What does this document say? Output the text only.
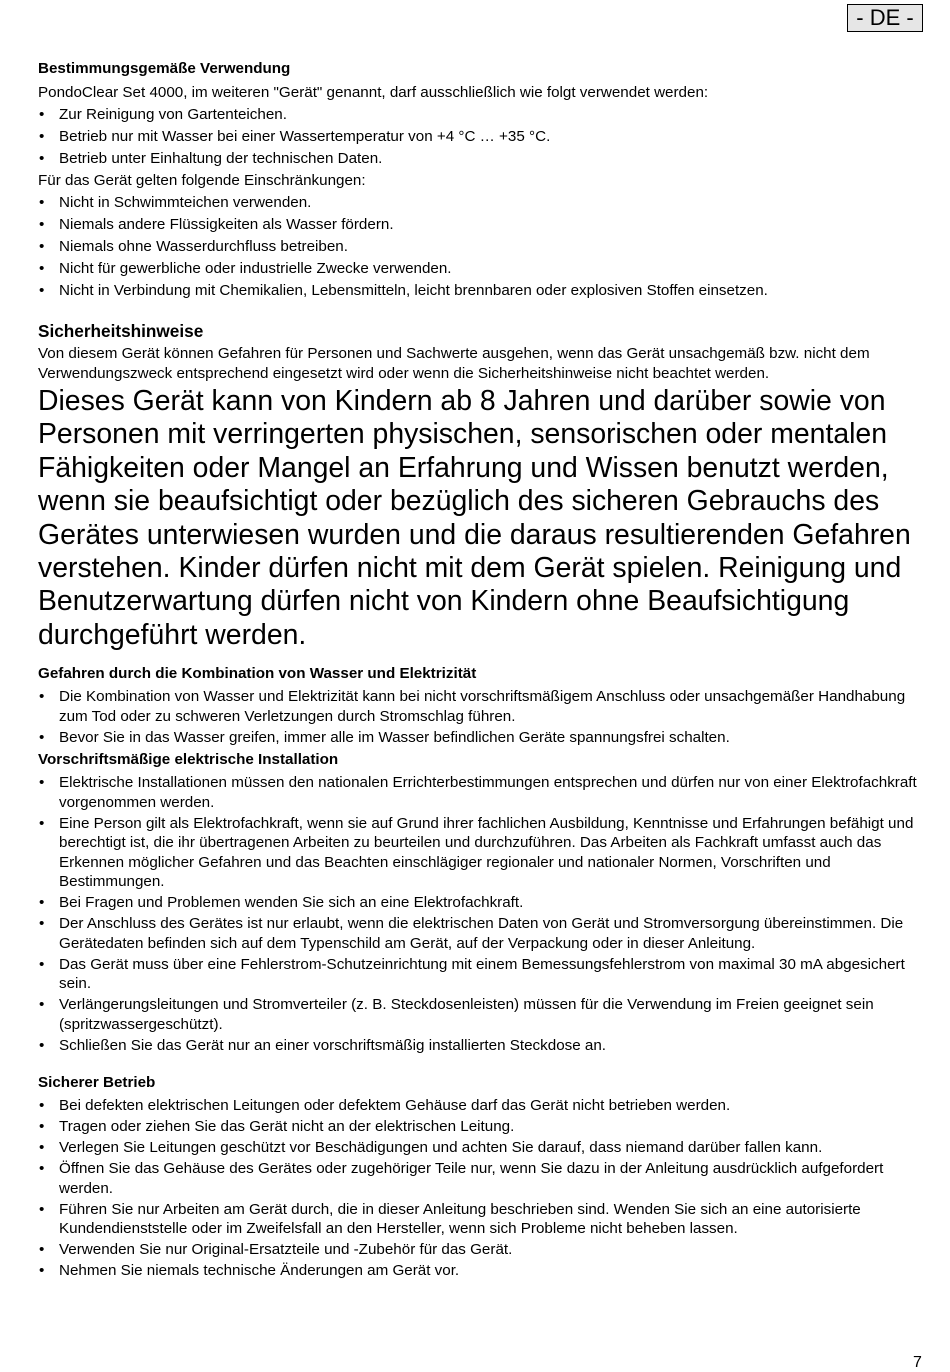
- DE -

Bestimmungsgemäße Verwendung

PondoClear Set 4000, im weiteren "Gerät" genannt, darf ausschließlich wie folgt verwendet werden:

• Zur Reinigung von Gartenteichen.
• Betrieb nur mit Wasser bei einer Wassertemperatur von +4 °C … +35 °C.
• Betrieb unter Einhaltung der technischen Daten.

Für das Gerät gelten folgende Einschränkungen:

• Nicht in Schwimmteichen verwenden.
• Niemals andere Flüssigkeiten als Wasser fördern.
• Niemals ohne Wasserdurchfluss betreiben.
• Nicht für gewerbliche oder industrielle Zwecke verwenden.
• Nicht in Verbindung mit Chemikalien, Lebensmitteln, leicht brennbaren oder explosiven Stoffen einsetzen.

Sicherheitshinweise

Von diesem Gerät können Gefahren für Personen und Sachwerte ausgehen, wenn das Gerät unsachgemäß bzw. nicht dem Verwendungszweck entsprechend eingesetzt wird oder wenn die Sicherheitshinweise nicht beachtet werden.

Dieses Gerät kann von Kindern ab 8 Jahren und darüber sowie von Personen mit verringerten physischen, sensorischen oder mentalen Fähigkeiten oder Mangel an Erfahrung und Wissen benutzt werden, wenn sie beaufsichtigt oder bezüglich des sicheren Gebrauchs des Gerätes unterwiesen wurden und die daraus resultierenden Gefahren verstehen. Kinder dürfen nicht mit dem Gerät spielen. Reinigung und Benutzerwartung dürfen nicht von Kindern ohne Beaufsichtigung durchgeführt werden.

Gefahren durch die Kombination von Wasser und Elektrizität

• Die Kombination von Wasser und Elektrizität kann bei nicht vorschriftsmäßigem Anschluss oder unsachgemäßer Handhabung zum Tod oder zu schweren Verletzungen durch Stromschlag führen.
• Bevor Sie in das Wasser greifen, immer alle im Wasser befindlichen Geräte spannungsfrei schalten.

Vorschriftsmäßige elektrische Installation

• Elektrische Installationen müssen den nationalen Errichterbestimmungen entsprechen und dürfen nur von einer Elektrofachkraft vorgenommen werden.
• Eine Person gilt als Elektrofachkraft, wenn sie auf Grund ihrer fachlichen Ausbildung, Kenntnisse und Erfahrungen befähigt und berechtigt ist, die ihr übertragenen Arbeiten zu beurteilen und durchzuführen. Das Arbeiten als Fachkraft umfasst auch das Erkennen möglicher Gefahren und das Beachten einschlägiger regionaler und nationaler Normen, Vorschriften und Bestimmungen.
• Bei Fragen und Problemen wenden Sie sich an eine Elektrofachkraft.
• Der Anschluss des Gerätes ist nur erlaubt, wenn die elektrischen Daten von Gerät und Stromversorgung übereinstimmen. Die Gerätedaten befinden sich auf dem Typenschild am Gerät, auf der Verpackung oder in dieser Anleitung.
• Das Gerät muss über eine Fehlerstrom-Schutzeinrichtung mit einem Bemessungsfehlerstrom von maximal 30 mA abgesichert sein.
• Verlängerungsleitungen und Stromverteiler (z. B. Steckdosenleisten) müssen für die Verwendung im Freien geeignet sein (spritzwassergeschützt).
• Schließen Sie das Gerät nur an einer vorschriftsmäßig installierten Steckdose an.

Sicherer Betrieb

• Bei defekten elektrischen Leitungen oder defektem Gehäuse darf das Gerät nicht betrieben werden.
• Tragen oder ziehen Sie das Gerät nicht an der elektrischen Leitung.
• Verlegen Sie Leitungen geschützt vor Beschädigungen und achten Sie darauf, dass niemand darüber fallen kann.
• Öffnen Sie das Gehäuse des Gerätes oder zugehöriger Teile nur, wenn Sie dazu in der Anleitung ausdrücklich aufgefordert werden.
• Führen Sie nur Arbeiten am Gerät durch, die in dieser Anleitung beschrieben sind. Wenden Sie sich an eine autorisierte Kundendienststelle oder im Zweifelsfall an den Hersteller, wenn sich Probleme nicht beheben lassen.
• Verwenden Sie nur Original-Ersatzteile und -Zubehör für das Gerät.
• Nehmen Sie niemals technische Änderungen am Gerät vor.
7
